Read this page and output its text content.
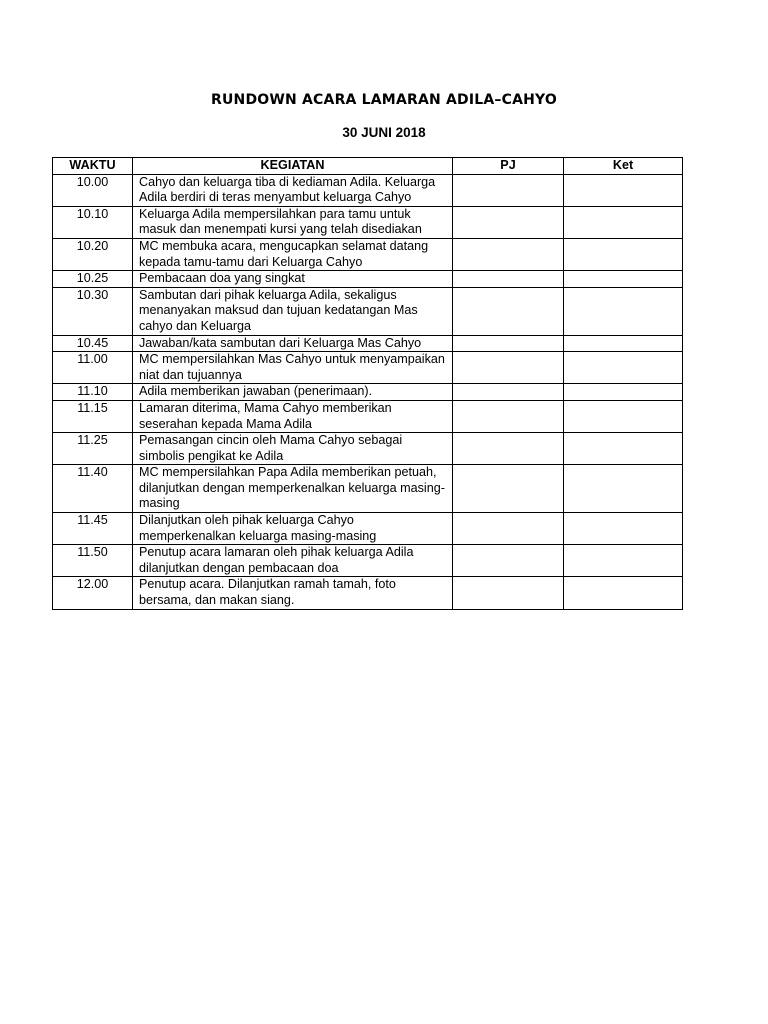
RUNDOWN ACARA LAMARAN ADILA–CAHYO

30 JUNI 2018

WAKTU	KEGIATAN	PJ	Ket
10.00	Cahyo dan keluarga tiba di kediaman Adila. Keluarga Adila berdiri di teras menyambut keluarga Cahyo		
10.10	Keluarga Adila mempersilahkan para tamu untuk masuk dan menempati kursi yang telah disediakan		
10.20	MC membuka acara, mengucapkan selamat datang kepada tamu-tamu dari Keluarga Cahyo		
10.25	Pembacaan doa yang singkat		
10.30	Sambutan dari pihak keluarga Adila, sekaligus menanyakan maksud dan tujuan kedatangan Mas cahyo dan Keluarga		
10.45	Jawaban/kata sambutan dari Keluarga Mas Cahyo		
11.00	MC mempersilahkan Mas Cahyo untuk menyampaikan niat dan tujuannya		
11.10	Adila memberikan jawaban (penerimaan).		
11.15	Lamaran diterima, Mama Cahyo memberikan seserahan kepada Mama Adila		
11.25	Pemasangan cincin oleh Mama Cahyo sebagai simbolis pengikat ke Adila		
11.40	MC mempersilahkan Papa Adila memberikan petuah, dilanjutkan dengan memperkenalkan keluarga masing-masing		
11.45	Dilanjutkan oleh pihak keluarga Cahyo memperkenalkan keluarga masing-masing		
11.50	Penutup acara lamaran oleh pihak keluarga Adila dilanjutkan dengan pembacaan doa		
12.00	Penutup acara. Dilanjutkan ramah tamah, foto bersama, dan makan siang.		
